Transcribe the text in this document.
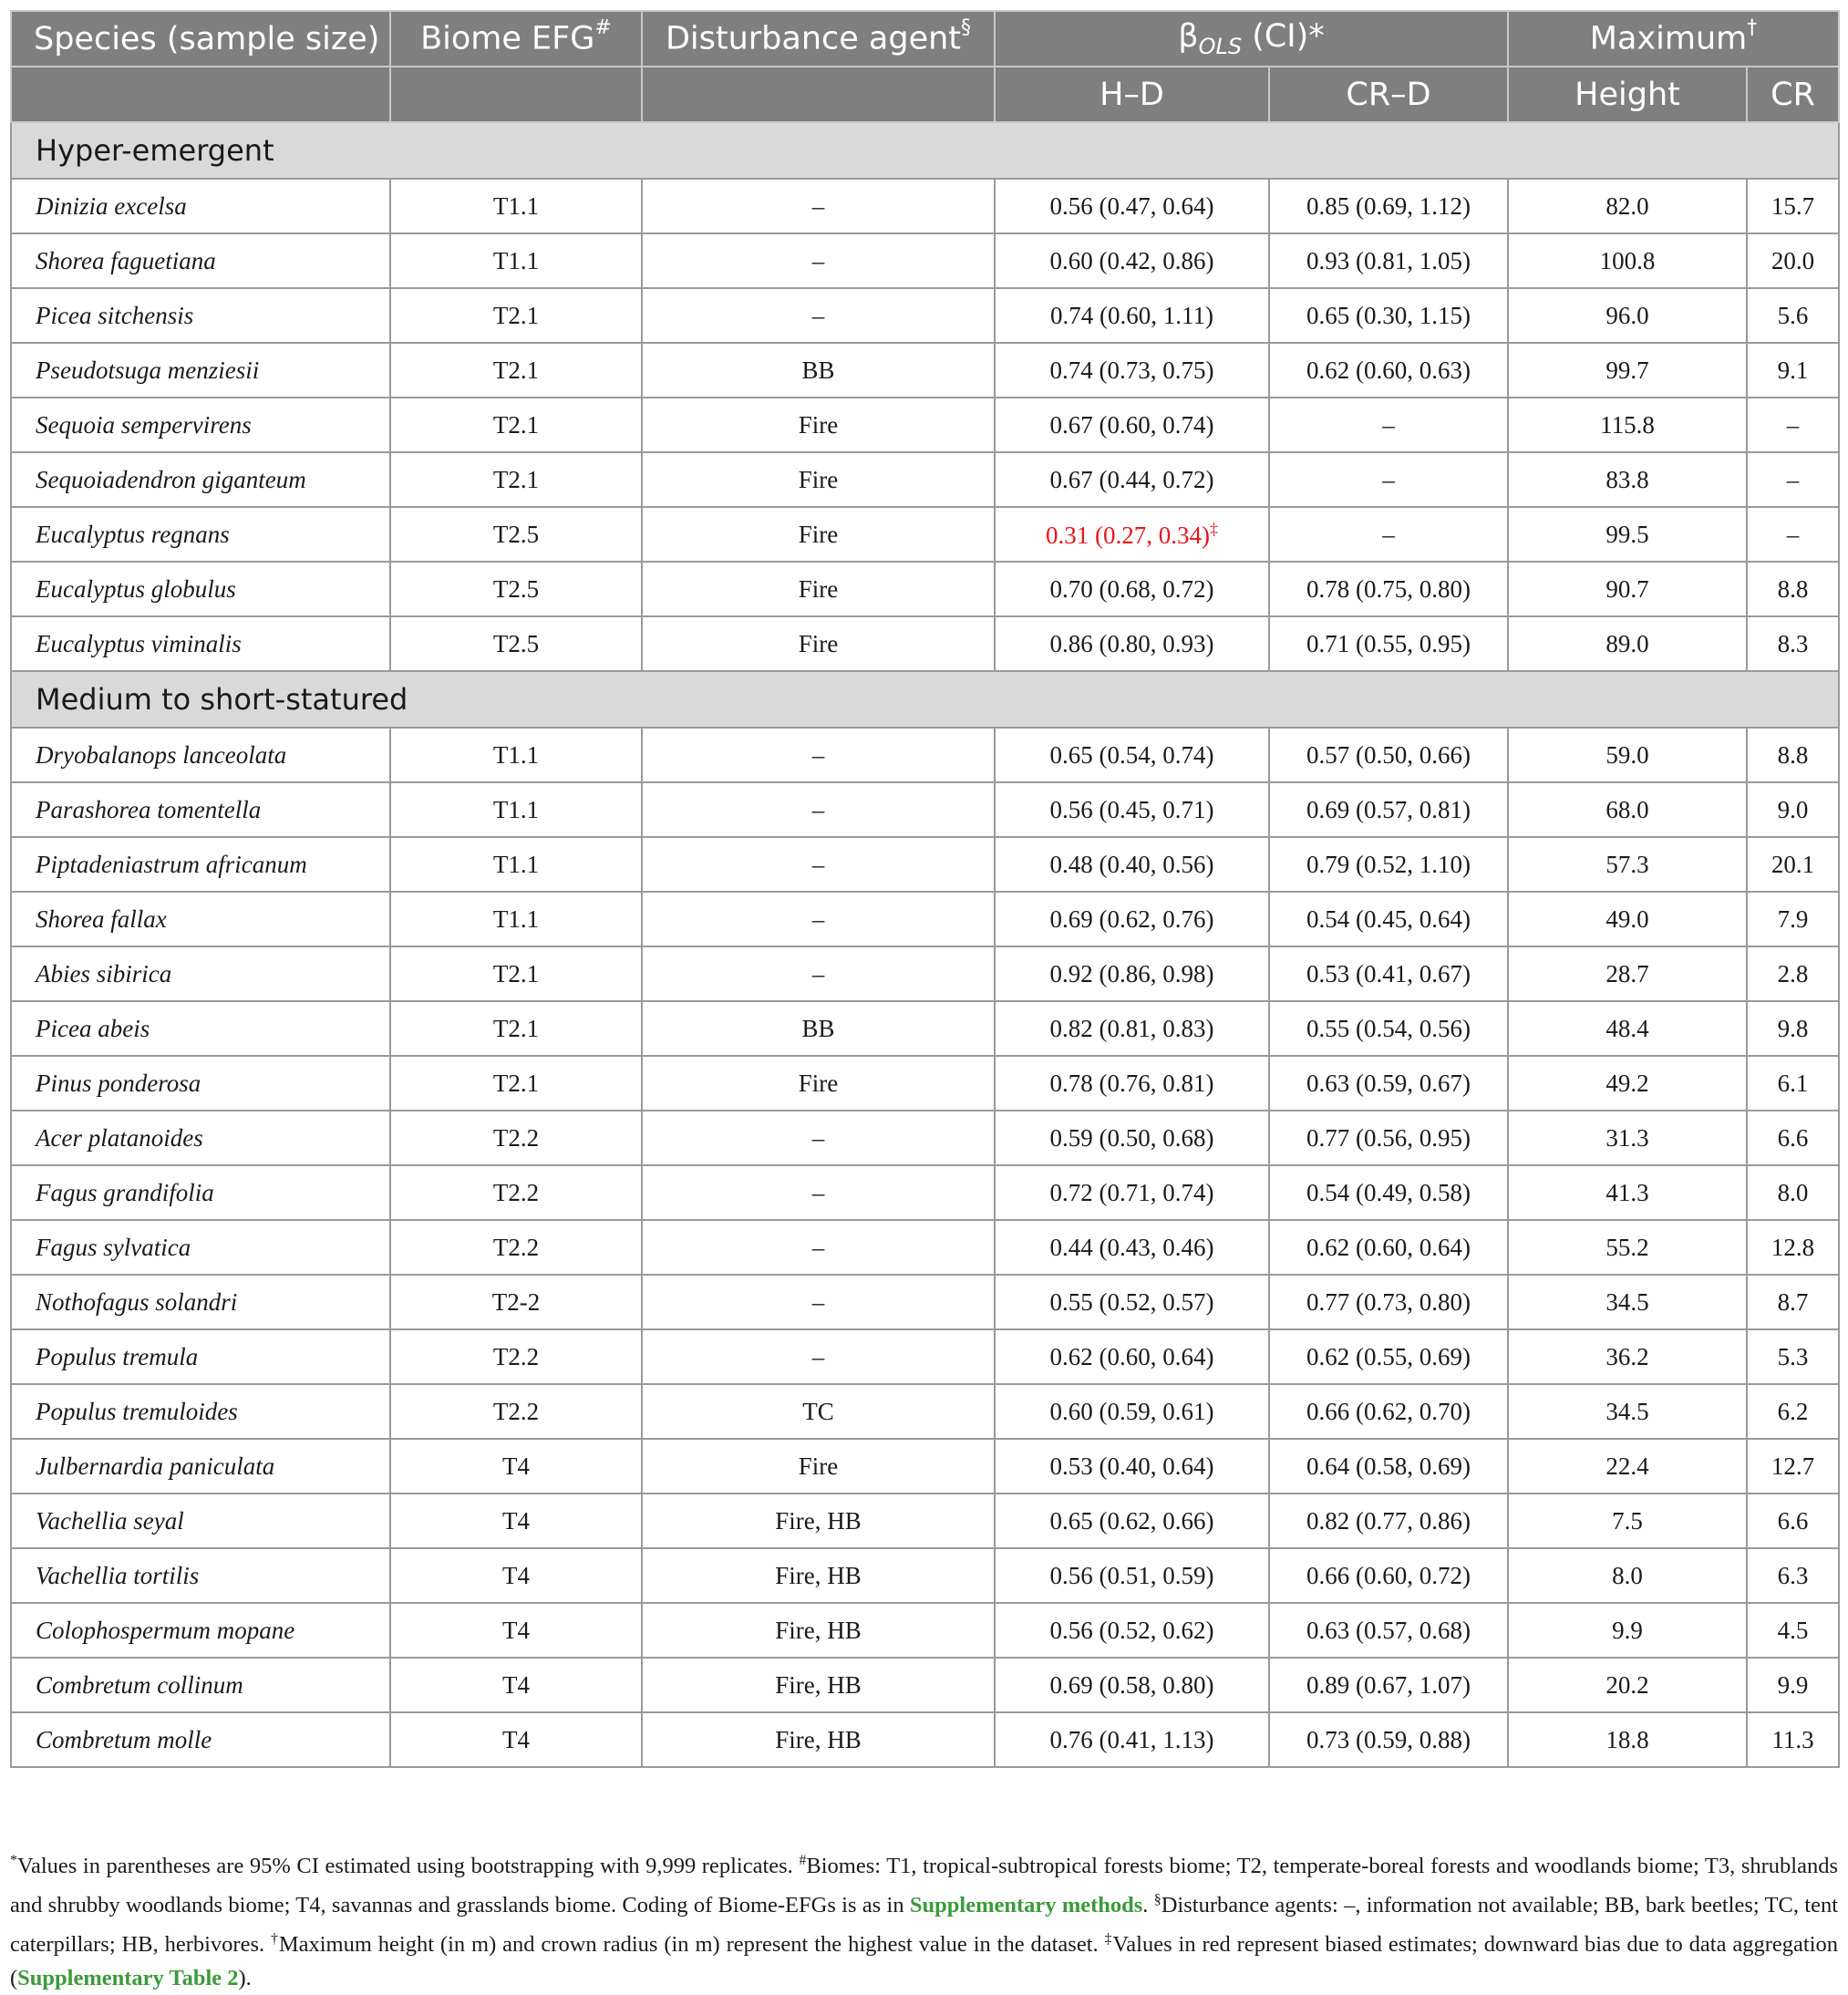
Species (sample size)	Biome EFG#	Disturbance agent§	$\beta_{OLS}$ (CI)*		Maximum†
			H–D	CR–D	Height	CR
Hyper-emergent						
Dinizia excelsa	T1.1	–	0.56 (0.47, 0.64)	0.85 (0.69, 1.12)	82.0	15.7
Shorea faguetiana	T1.1	–	0.60 (0.42, 0.86)	0.93 (0.81, 1.05)	100.8	20.0
Picea sitchensis	T2.1	–	0.74 (0.60, 1.11)	0.65 (0.30, 1.15)	96.0	5.6
Pseudotsuga menziesii	T2.1	BB	0.74 (0.73, 0.75)	0.62 (0.60, 0.63)	99.7	9.1
Sequoia sempervirens	T2.1	Fire	0.67 (0.60, 0.74)	–	115.8	–
Sequoiadendron giganteum	T2.1	Fire	0.67 (0.44, 0.72)	–	83.8	–
Eucalyptus regnans	T2.5	Fire	0.31 (0.27, 0.34)‡	–	99.5	–
Eucalyptus globulus	T2.5	Fire	0.70 (0.68, 0.72)	0.78 (0.75, 0.80)	90.7	8.8
Eucalyptus viminalis	T2.5	Fire	0.86 (0.80, 0.93)	0.71 (0.55, 0.95)	89.0	8.3
Medium to short-statured						
Dryobalanops lanceolata	T1.1	–	0.65 (0.54, 0.74)	0.57 (0.50, 0.66)	59.0	8.8
Parashorea tomentella	T1.1	–	0.56 (0.45, 0.71)	0.69 (0.57, 0.81)	68.0	9.0
Piptadeniastrum africanum	T1.1	–	0.48 (0.40, 0.56)	0.79 (0.52, 1.10)	57.3	20.1
Shorea fallax	T1.1	–	0.69 (0.62, 0.76)	0.54 (0.45, 0.64)	49.0	7.9
Abies sibirica	T2.1	–	0.92 (0.86, 0.98)	0.53 (0.41, 0.67)	28.7	2.8
Picea abeis	T2.1	BB	0.82 (0.81, 0.83)	0.55 (0.54, 0.56)	48.4	9.8
Pinus ponderosa	T2.1	Fire	0.78 (0.76, 0.81)	0.63 (0.59, 0.67)	49.2	6.1
Acer platanoides	T2.2	–	0.59 (0.50, 0.68)	0.77 (0.56, 0.95)	31.3	6.6
Fagus grandifolia	T2.2	–	0.72 (0.71, 0.74)	0.54 (0.49, 0.58)	41.3	8.0
Fagus sylvatica	T2.2	–	0.44 (0.43, 0.46)	0.62 (0.60, 0.64)	55.2	12.8
Nothofagus solandri	T2-2	–	0.55 (0.52, 0.57)	0.77 (0.73, 0.80)	34.5	8.7
Populus tremula	T2.2	–	0.62 (0.60, 0.64)	0.62 (0.55, 0.69)	36.2	5.3
Populus tremuloides	T2.2	TC	0.60 (0.59, 0.61)	0.66 (0.62, 0.70)	34.5	6.2
Julbernardia paniculata	T4	Fire	0.53 (0.40, 0.64)	0.64 (0.58, 0.69)	22.4	12.7
Vachellia seyal	T4	Fire, HB	0.65 (0.62, 0.66)	0.82 (0.77, 0.86)	7.5	6.6
Vachellia tortilis	T4	Fire, HB	0.56 (0.51, 0.59)	0.66 (0.60, 0.72)	8.0	6.3
Colophospermum mopane	T4	Fire, HB	0.56 (0.52, 0.62)	0.63 (0.57, 0.68)	9.9	4.5
Combretum collinum	T4	Fire, HB	0.69 (0.58, 0.80)	0.89 (0.67, 1.07)	20.2	9.9
Combretum molle	T4	Fire, HB	0.76 (0.41, 1.13)	0.73 (0.59, 0.88)	18.8	11.3
*Values in parentheses are 95% CI estimated using bootstrapping with 9,999 replicates. #Biomes: T1, tropical-subtropical forests biome; T2, temperate-boreal forests and woodlands biome; T3, shrublands and shrubby woodlands biome; T4, savannas and grasslands biome. Coding of Biome-EFGs is as in Supplementary methods. §Disturbance agents: –, information not available; BB, bark beetles; TC, tent caterpillars; HB, herbivores. †Maximum height (in m) and crown radius (in m) represent the highest value in the dataset. ‡Values in red represent biased estimates; downward bias due to data aggregation (Supplementary Table 2).
